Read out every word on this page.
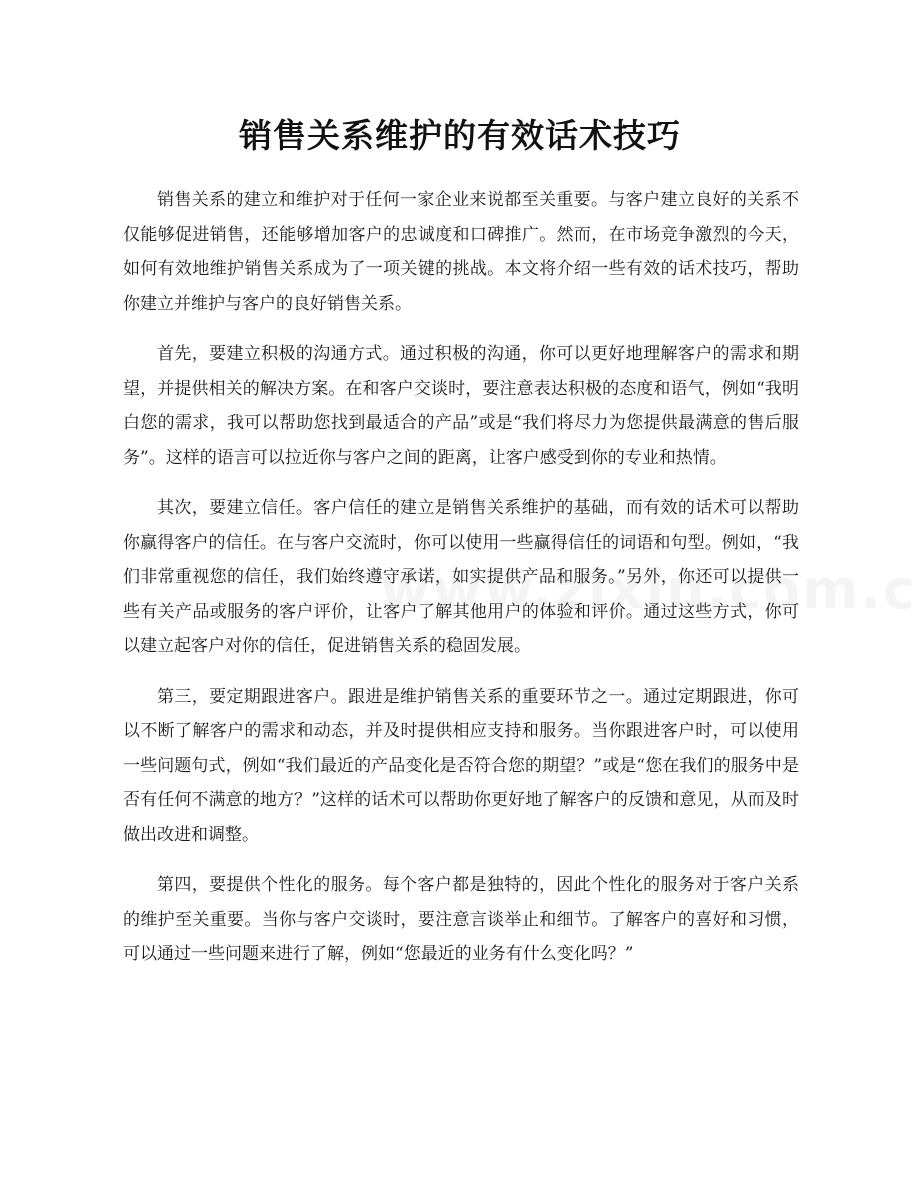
销售关系维护的有效话术技巧

销售关系的建立和维护对于任何一家企业来说都至关重要。与客户建立良好的关系不仅能够促进销售，还能够增加客户的忠诚度和口碑推广。然而，在市场竞争激烈的今天，如何有效地维护销售关系成为了一项关键的挑战。本文将介绍一些有效的话术技巧，帮助你建立并维护与客户的良好销售关系。

首先，要建立积极的沟通方式。通过积极的沟通，你可以更好地理解客户的需求和期望，并提供相关的解决方案。在和客户交谈时，要注意表达积极的态度和语气，例如“我明白您的需求，我可以帮助您找到最适合的产品”或是“我们将尽力为您提供最满意的售后服务”。这样的语言可以拉近你与客户之间的距离，让客户感受到你的专业和热情。

其次，要建立信任。客户信任的建立是销售关系维护的基础，而有效的话术可以帮助你赢得客户的信任。在与客户交流时，你可以使用一些赢得信任的词语和句型。例如，“我们非常重视您的信任，我们始终遵守承诺，如实提供产品和服务。”另外，你还可以提供一些有关产品或服务的客户评价，让客户了解其他用户的体验和评价。通过这些方式，你可以建立起客户对你的信任，促进销售关系的稳固发展。

第三，要定期跟进客户。跟进是维护销售关系的重要环节之一。通过定期跟进，你可以不断了解客户的需求和动态，并及时提供相应支持和服务。当你跟进客户时，可以使用一些问题句式，例如“我们最近的产品变化是否符合您的期望？”或是“您在我们的服务中是否有任何不满意的地方？”这样的话术可以帮助你更好地了解客户的反馈和意见，从而及时做出改进和调整。

第四，要提供个性化的服务。每个客户都是独特的，因此个性化的服务对于客户关系的维护至关重要。当你与客户交谈时，要注意言谈举止和细节。了解客户的喜好和习惯，可以通过一些问题来进行了解，例如“您最近的业务有什么变化吗？”
